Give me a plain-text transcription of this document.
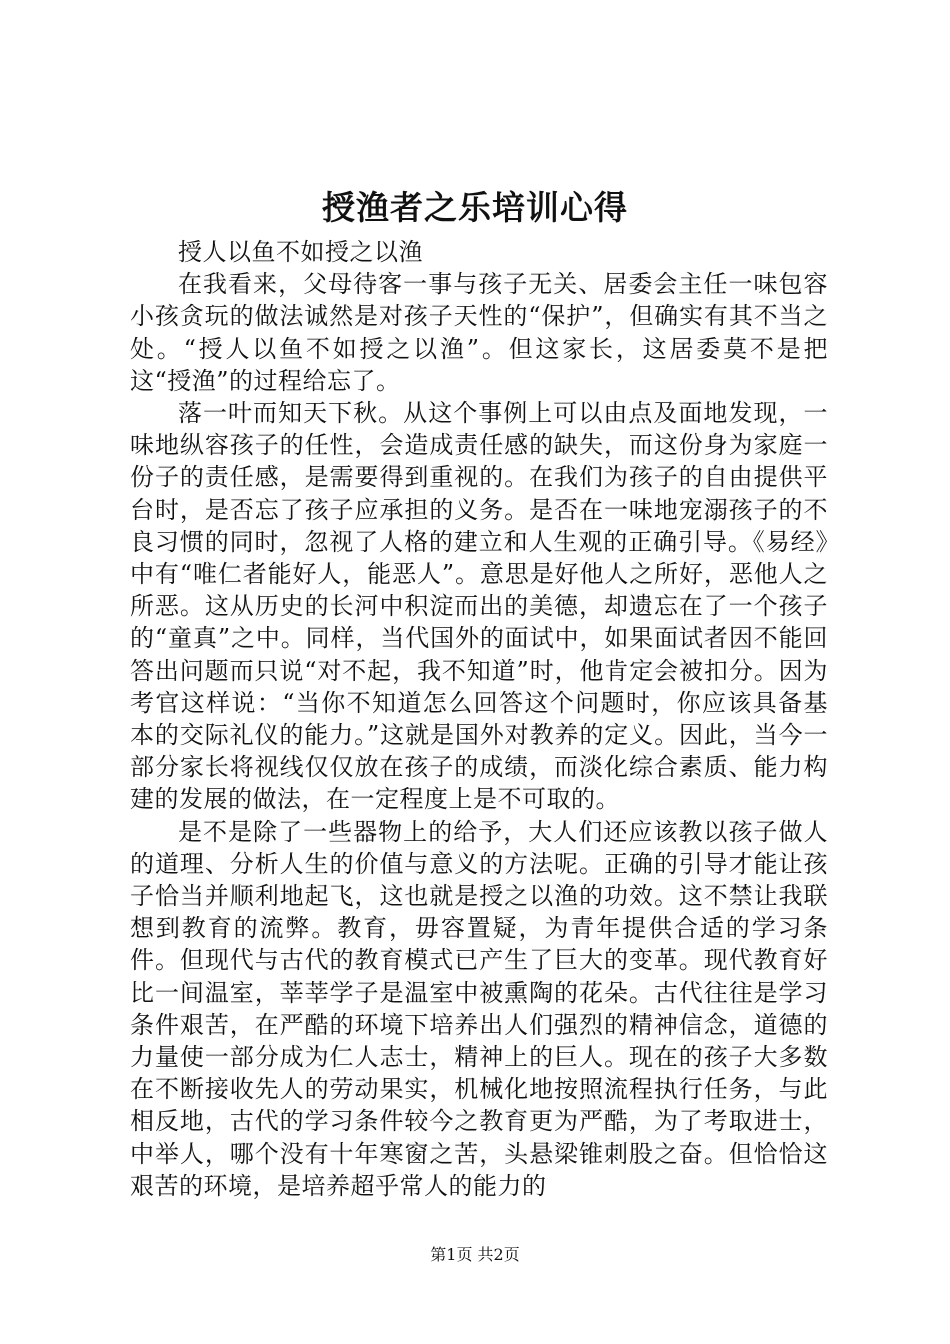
授渔者之乐培训心得

授人以鱼不如授之以渔

在我看来，父母待客一事与孩子无关、居委会主任一味包容小孩贪玩的做法诚然是对孩子天性的“保护”，但确实有其不当之处。“授人以鱼不如授之以渔”。但这家长，这居委莫不是把这“授渔”的过程给忘了。

落一叶而知天下秋。从这个事例上可以由点及面地发现，一味地纵容孩子的任性，会造成责任感的缺失，而这份身为家庭一份子的责任感，是需要得到重视的。在我们为孩子的自由提供平台时，是否忘了孩子应承担的义务。是否在一味地宠溺孩子的不良习惯的同时，忽视了人格的建立和人生观的正确引导。《易经》中有“唯仁者能好人，能恶人”。意思是好他人之所好，恶他人之所恶。这从历史的长河中积淀而出的美德，却遗忘在了一个孩子的“童真”之中。同样，当代国外的面试中，如果面试者因不能回答出问题而只说“对不起，我不知道”时，他肯定会被扣分。因为考官这样说：“当你不知道怎么回答这个问题时，你应该具备基本的交际礼仪的能力。”这就是国外对教养的定义。因此，当今一部分家长将视线仅仅放在孩子的成绩，而淡化综合素质、能力构建的发展的做法，在一定程度上是不可取的。

是不是除了一些器物上的给予，大人们还应该教以孩子做人的道理、分析人生的价值与意义的方法呢。正确的引导才能让孩子恰当并顺利地起飞，这也就是授之以渔的功效。这不禁让我联想到教育的流弊。教育，毋容置疑，为青年提供合适的学习条件。但现代与古代的教育模式已产生了巨大的变革。现代教育好比一间温室，莘莘学子是温室中被熏陶的花朵。古代往往是学习条件艰苦，在严酷的环境下培养出人们强烈的精神信念，道德的力量使一部分成为仁人志士，精神上的巨人。现在的孩子大多数在不断接收先人的劳动果实，机械化地按照流程执行任务，与此相反地，古代的学习条件较今之教育更为严酷，为了考取进士，中举人，哪个没有十年寒窗之苦，头悬梁锥刺股之奋。但恰恰这艰苦的环境，是培养超乎常人的能力的

第1页 共2页
